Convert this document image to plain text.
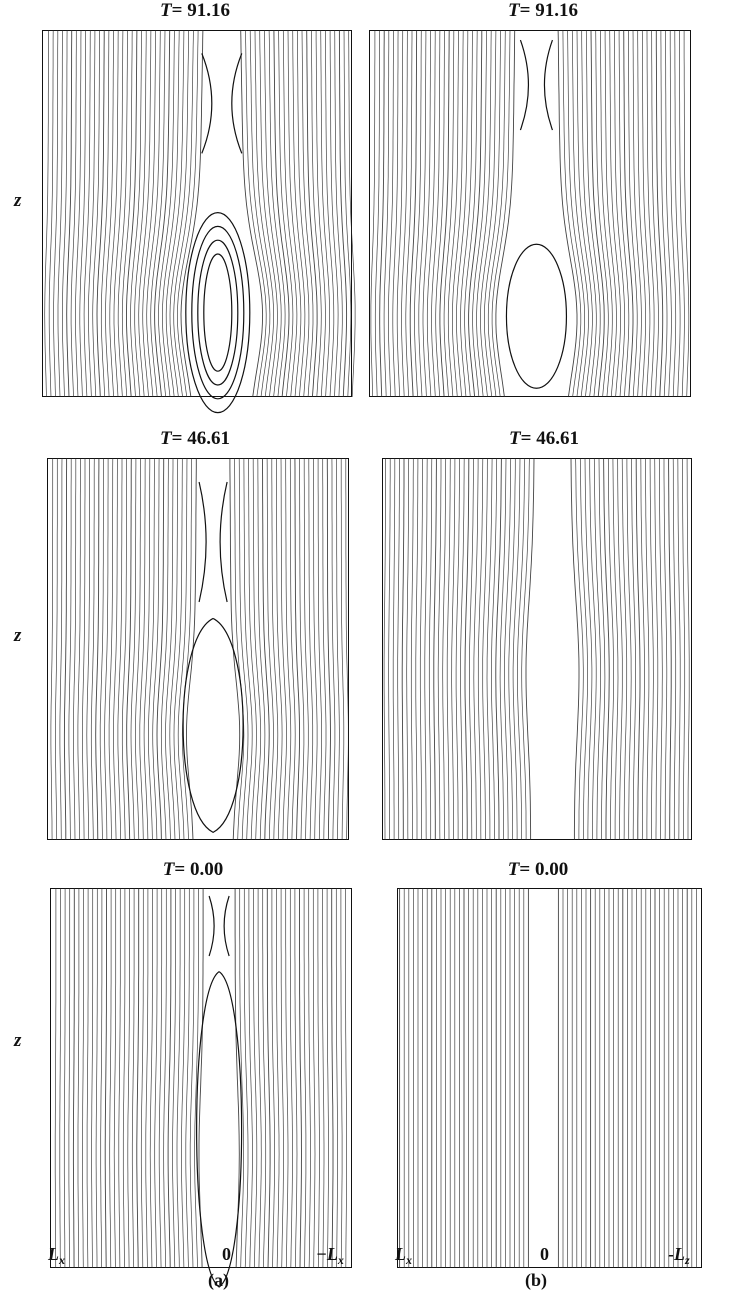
T= 91.16	T= 91.16
T= 46.61	T= 46.61
T= 0.00	T= 0.00
z
z
z
$L_x$	0	$-L_x$	$L_x$	0	$-L_z$
(a)	(b)
